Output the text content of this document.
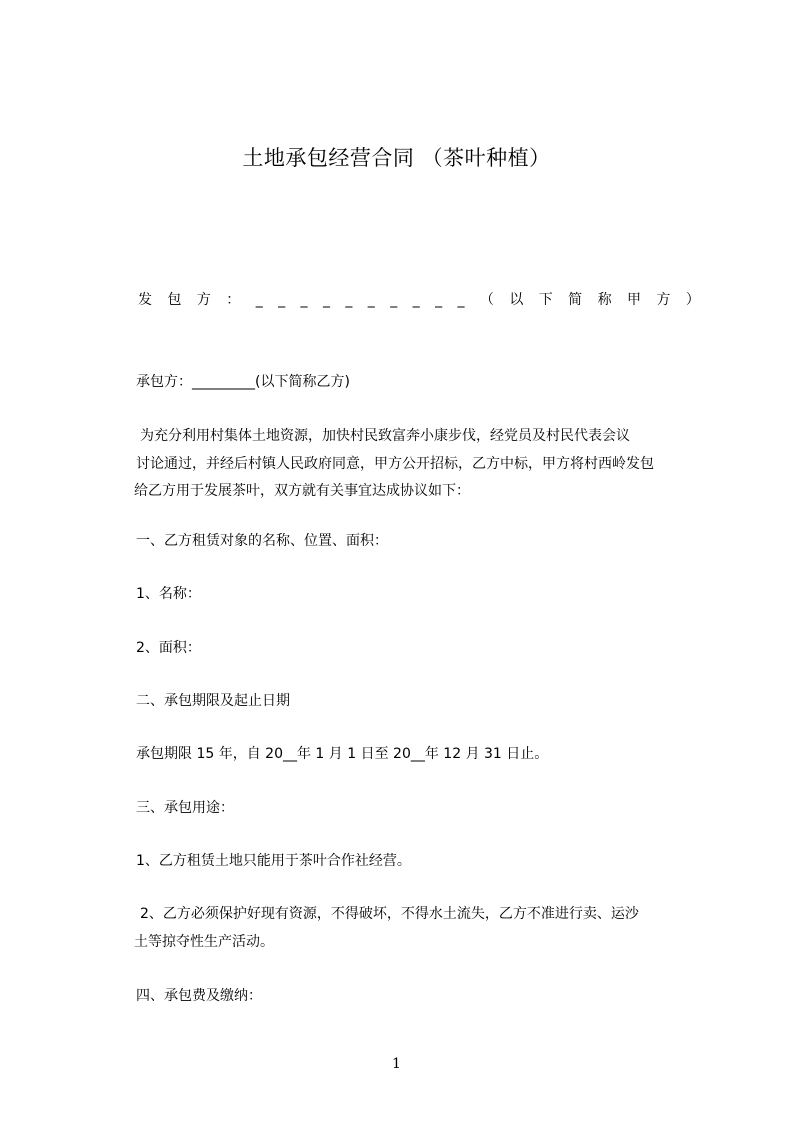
土地承包经营合同 （茶叶种植）
发 包 方 ： _ _ _ _ _ _ _ _ _ _ （ 以 下 简 称 甲 方 ）
承包方：_________(以下简称乙方)
为充分利用村集体土地资源，加快村民致富奔小康步伐，经党员及村民代表会议
讨论通过，并经后村镇人民政府同意，甲方公开招标，乙方中标，甲方将村西岭发包
给乙方用于发展茶叶，双方就有关事宜达成协议如下：
一、乙方租赁对象的名称、位置、面积：
1、名称：
2、面积：
二、承包期限及起止日期
承包期限 15 年，自 20__年 1 月 1 日至 20__年 12 月 31 日止。
三、承包用途：
1、乙方租赁土地只能用于茶叶合作社经营。
2、乙方必须保护好现有资源，不得破坏，不得水土流失，乙方不准进行卖、运沙
土等掠夺性生产活动。
四、承包费及缴纳：
1
